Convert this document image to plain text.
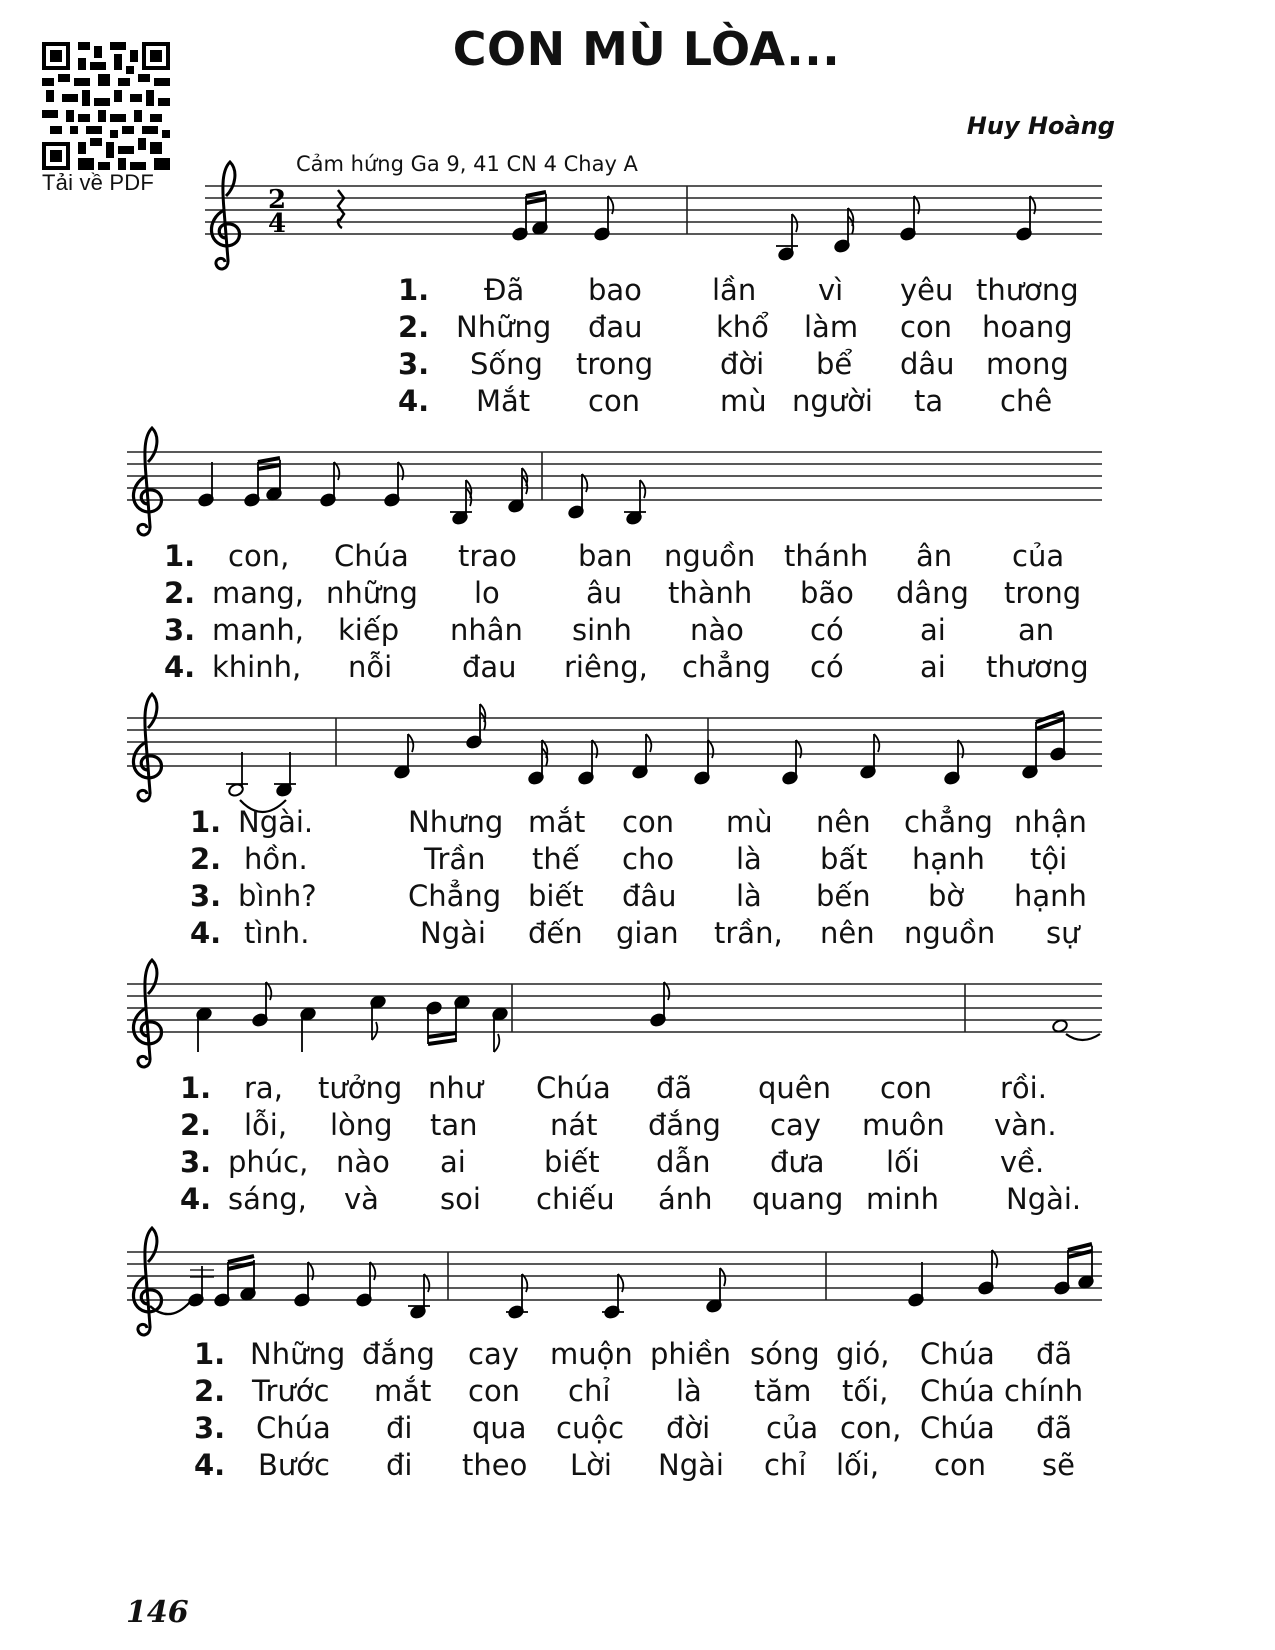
Tải về PDF
CON MÙ LÒA...
Huy Hoàng
Cảm hứng Ga 9, 41 CN 4 Chay A
2
4
1. Đã bao lần vì yêu thương
2. Những đau	khổ làm con hoang
3. Sống trong đời bể dâu mong
4. Mắt con	mù người ta chê
1. con, Chúa trao ban nguồn thánh ân của
2. mang, những lo	âu thành bão dâng trong
3. manh, kiếp nhân sinh nào có	ai an
4. khinh, nỗi đau riêng, chẳng có	ai thương
1. Ngài.	Nhưng mắt con mù nên chẳng nhận
2. hồn.	Trần thế cho là bất hạnh tội
3. bình?	Chẳng biết đâu là bến bờ hạnh
4. tình.	Ngài đến gian trần, nên nguồn sự
1. ra, tưởng như Chúa đã quên con rồi.
2. lỗi, lòng tan nát đắng cay muôn vàn.
3. phúc, nào ai	biết dẫn đưa lối	về.
4. sáng, và soi chiếu ánh quang minh Ngài.
1. Những đắng cay muộn phiền sóng gió, Chúa đã
2. Trước mắt con chỉ là tăm tối, Chúa chính
3. Chúa đi qua cuộc đời của con, Chúa đã
4. Bước đi theo Lời Ngài chỉ lối, con sẽ
146
